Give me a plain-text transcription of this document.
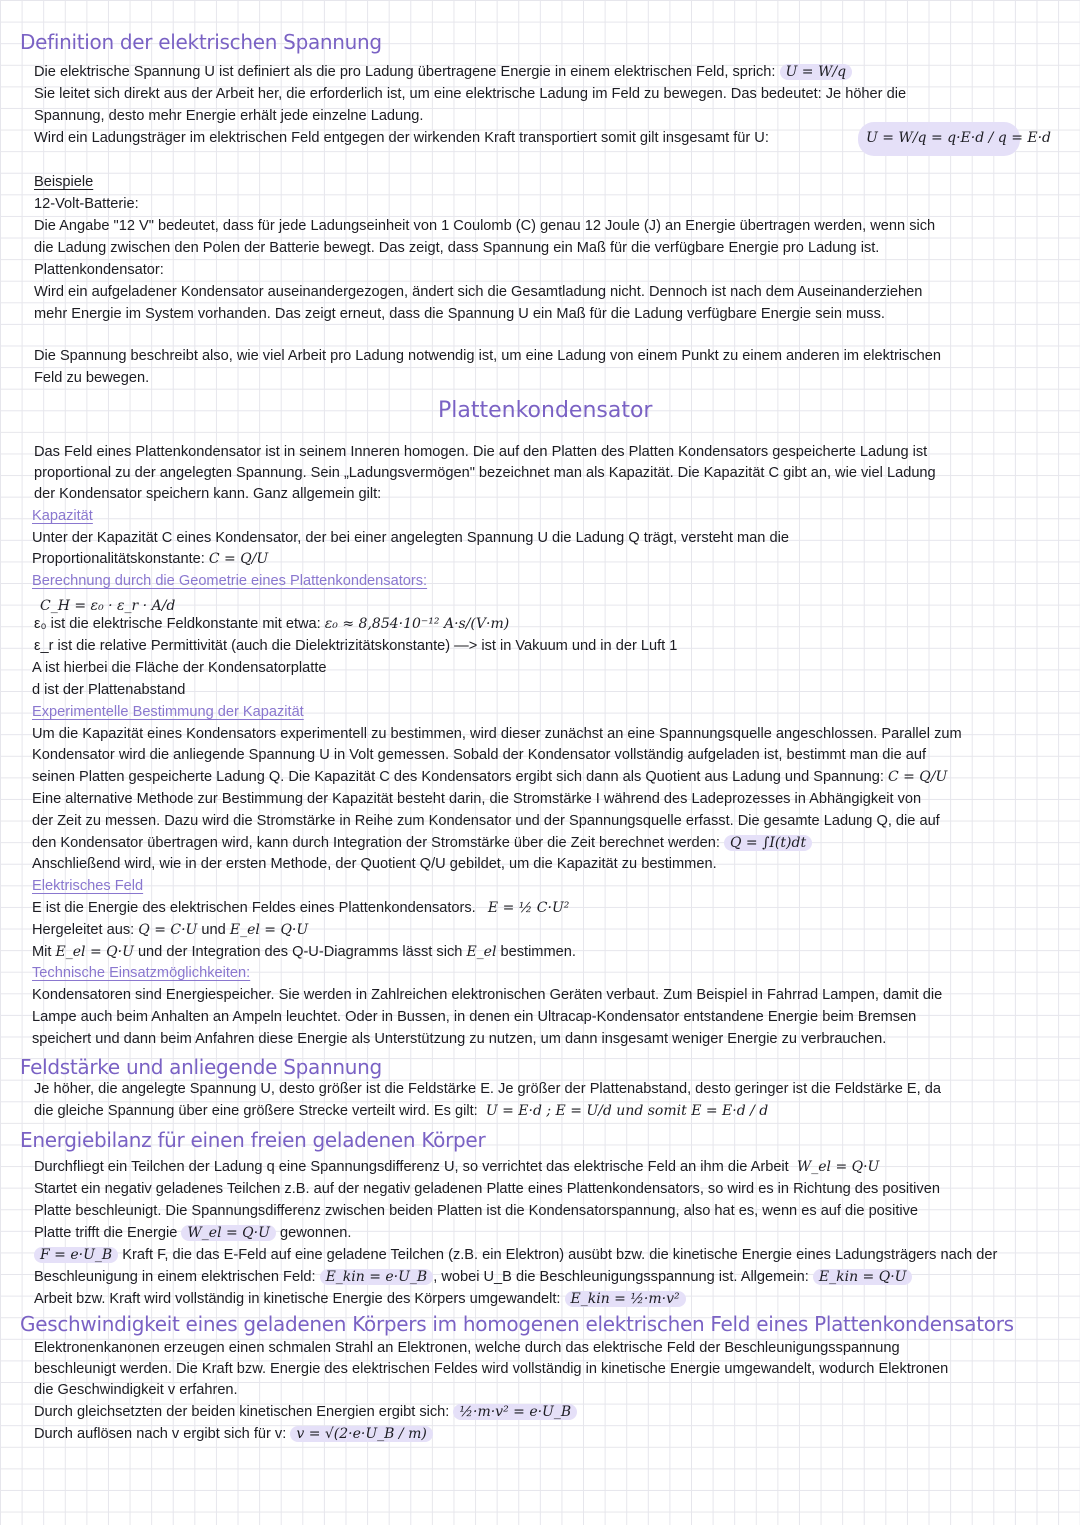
Definition der elektrischen Spannung
Die elektrische Spannung U ist definiert als die pro Ladung übertragene Energie in einem elektrischen Feld, sprich: U = W/q
Sie leitet sich direkt aus der Arbeit her, die erforderlich ist, um eine elektrische Ladung im Feld zu bewegen. Das bedeutet: Je höher die
Spannung, desto mehr Energie erhält jede einzelne Ladung.
Wird ein Ladungsträger im elektrischen Feld entgegen der wirkenden Kraft transportiert somit gilt insgesamt für U:	U = W/q = q·E·d / q = E·d
Beispiele
12-Volt-Batterie:
Die Angabe "12 V" bedeutet, dass für jede Ladungseinheit von 1 Coulomb (C) genau 12 Joule (J) an Energie übertragen werden, wenn sich
die Ladung zwischen den Polen der Batterie bewegt. Das zeigt, dass Spannung ein Maß für die verfügbare Energie pro Ladung ist.
Plattenkondensator:
Wird ein aufgeladener Kondensator auseinandergezogen, ändert sich die Gesamtladung nicht. Dennoch ist nach dem Auseinanderziehen
mehr Energie im System vorhanden. Das zeigt erneut, dass die Spannung U ein Maß für die Ladung verfügbare Energie sein muss.
Die Spannung beschreibt also, wie viel Arbeit pro Ladung notwendig ist, um eine Ladung von einem Punkt zu einem anderen im elektrischen
Feld zu bewegen.
Plattenkondensator
Das Feld eines Plattenkondensator ist in seinem Inneren homogen. Die auf den Platten des Platten Kondensators gespeicherte Ladung ist
proportional zu der angelegten Spannung. Sein „Ladungsvermögen" bezeichnet man als Kapazität. Die Kapazität C gibt an, wie viel Ladung
der Kondensator speichern kann. Ganz allgemein gilt:
Kapazität
Unter der Kapazität C eines Kondensator, der bei einer angelegten Spannung U die Ladung Q trägt, versteht man die
Proportionalitätskonstante: C = Q/U
Berechnung durch die Geometrie eines Plattenkondensators:
C_H = ε₀ · ε_r · A/d
ε₀ ist die elektrische Feldkonstante mit etwa: ε₀ ≈ 8,854·10⁻¹² A·s/(V·m)
ε_r ist die relative Permittivität (auch die Dielektrizitätskonstante) —> ist in Vakuum und in der Luft 1
A ist hierbei die Fläche der Kondensatorplatte
d ist der Plattenabstand
Experimentelle Bestimmung der Kapazität
Um die Kapazität eines Kondensators experimentell zu bestimmen, wird dieser zunächst an eine Spannungsquelle angeschlossen. Parallel zum
Kondensator wird die anliegende Spannung U in Volt gemessen. Sobald der Kondensator vollständig aufgeladen ist, bestimmt man die auf
seinen Platten gespeicherte Ladung Q. Die Kapazität C des Kondensators ergibt sich dann als Quotient aus Ladung und Spannung: C = Q/U
Eine alternative Methode zur Bestimmung der Kapazität besteht darin, die Stromstärke I während des Ladeprozesses in Abhängigkeit von
der Zeit zu messen. Dazu wird die Stromstärke in Reihe zum Kondensator und der Spannungsquelle erfasst. Die gesamte Ladung Q, die auf
den Kondensator übertragen wird, kann durch Integration der Stromstärke über die Zeit berechnet werden: Q = ∫I(t)dt
Anschließend wird, wie in der ersten Methode, der Quotient Q/U gebildet, um die Kapazität zu bestimmen.
Elektrisches Feld
E ist die Energie des elektrischen Feldes eines Plattenkondensators. E = ½ C·U²
Hergeleitet aus: Q = C·U und E_el = Q·U
Mit E_el = Q·U und der Integration des Q-U-Diagramms lässt sich E_el bestimmen.
Technische Einsatzmöglichkeiten:
Kondensatoren sind Energiespeicher. Sie werden in Zahlreichen elektronischen Geräten verbaut. Zum Beispiel in Fahrrad Lampen, damit die
Lampe auch beim Anhalten an Ampeln leuchtet. Oder in Bussen, in denen ein Ultracap-Kondensator entstandene Energie beim Bremsen
speichert und dann beim Anfahren diese Energie als Unterstützung zu nutzen, um dann insgesamt weniger Energie zu verbrauchen.
Feldstärke und anliegende Spannung
Je höher, die angelegte Spannung U, desto größer ist die Feldstärke E. Je größer der Plattenabstand, desto geringer ist die Feldstärke E, da
die gleiche Spannung über eine größere Strecke verteilt wird. Es gilt: U = E·d ; E = U/d und somit E = E·d / d
Energiebilanz für einen freien geladenen Körper
Durchfliegt ein Teilchen der Ladung q eine Spannungsdifferenz U, so verrichtet das elektrische Feld an ihm die Arbeit W_el = Q·U
Startet ein negativ geladenes Teilchen z.B. auf der negativ geladenen Platte eines Plattenkondensators, so wird es in Richtung des positiven
Platte beschleunigt. Die Spannungsdifferenz zwischen beiden Platten ist die Kondensatorspannung, also hat es, wenn es auf die positive
Platte trifft die Energie W_el = Q·U gewonnen.
F = e·U_B Kraft F, die das E-Feld auf eine geladene Teilchen (z.B. ein Elektron) ausübt bzw. die kinetische Energie eines Ladungsträgers nach der
Beschleunigung in einem elektrischen Feld: E_kin = e·U_B , wobei U_B die Beschleunigungsspannung ist. Allgemein: E_kin = Q·U
Arbeit bzw. Kraft wird vollständig in kinetische Energie des Körpers umgewandelt: E_kin = ½·m·v²
Geschwindigkeit eines geladenen Körpers im homogenen elektrischen Feld eines Plattenkondensators
Elektronenkanonen erzeugen einen schmalen Strahl an Elektronen, welche durch das elektrische Feld der Beschleunigungsspannung
beschleunigt werden. Die Kraft bzw. Energie des elektrischen Feldes wird vollständig in kinetische Energie umgewandelt, wodurch Elektronen
die Geschwindigkeit v erfahren.
Durch gleichsetzten der beiden kinetischen Energien ergibt sich: ½·m·v² = e·U_B
Durch auflösen nach v ergibt sich für v: v = √(2·e·U_B / m)
